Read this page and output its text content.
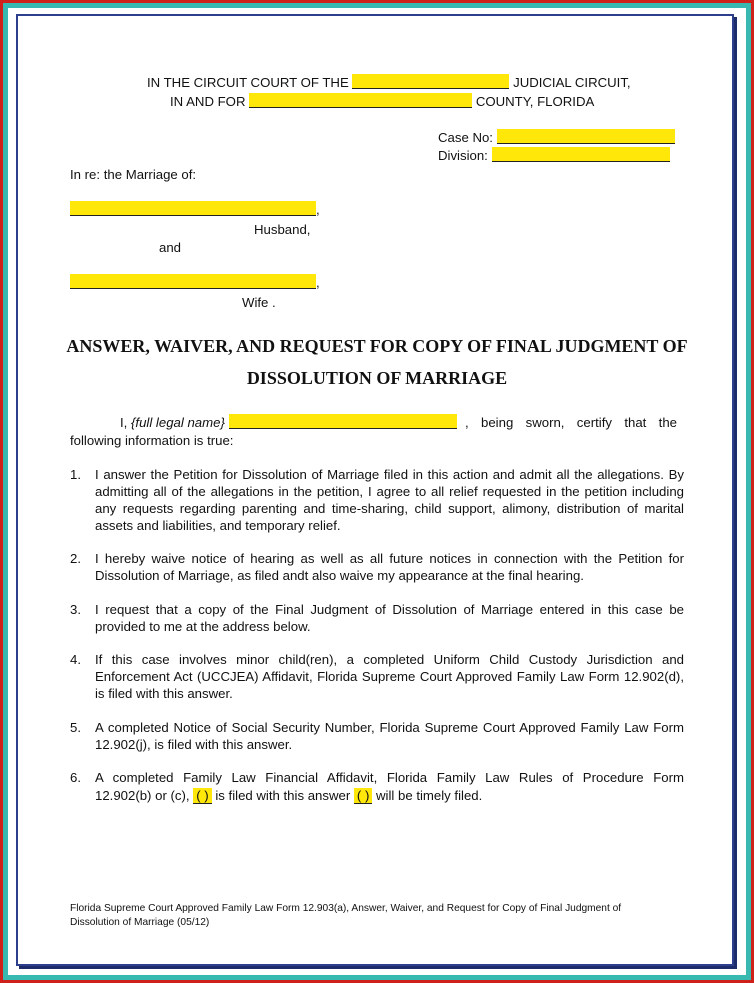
IN THE CIRCUIT COURT OF THE	JUDICIAL CIRCUIT,
IN AND FOR	COUNTY, FLORIDA
Case No:
Division:
In re: the Marriage of:
,
Husband,
and
,
Wife .
ANSWER, WAIVER, AND REQUEST FOR COPY OF FINAL JUDGMENT OF
DISSOLUTION OF MARRIAGE
I, {full legal name}	, being sworn, certify that the
following information is true:
1. I answer the Petition for Dissolution of Marriage filed in this action and admit all the allegations. By admitting all of the allegations in the petition, I agree to all relief requested in the petition including any requests regarding parenting and time-sharing, child support, alimony, distribution of marital assets and liabilities, and temporary relief.
2. I hereby waive notice of hearing as well as all future notices in connection with the Petition for Dissolution of Marriage, as filed andt also waive my appearance at the final hearing.
3. I request that a copy of the Final Judgment of Dissolution of Marriage entered in this case be provided to me at the address below.
4. If this case involves minor child(ren), a completed Uniform Child Custody Jurisdiction and Enforcement Act (UCCJEA) Affidavit, Florida Supreme Court Approved Family Law Form 12.902(d), is filed with this answer.
5. A completed Notice of Social Security Number, Florida Supreme Court Approved Family Law Form 12.902(j), is filed with this answer.
6. A completed Family Law Financial Affidavit, Florida Family Law Rules of Procedure Form
12.902(b) or (c), ( ) is filed with this answer ( ) will be timely filed.
Florida Supreme Court Approved Family Law Form 12.903(a), Answer, Waiver, and Request for Copy of Final Judgment of
Dissolution of Marriage (05/12)
